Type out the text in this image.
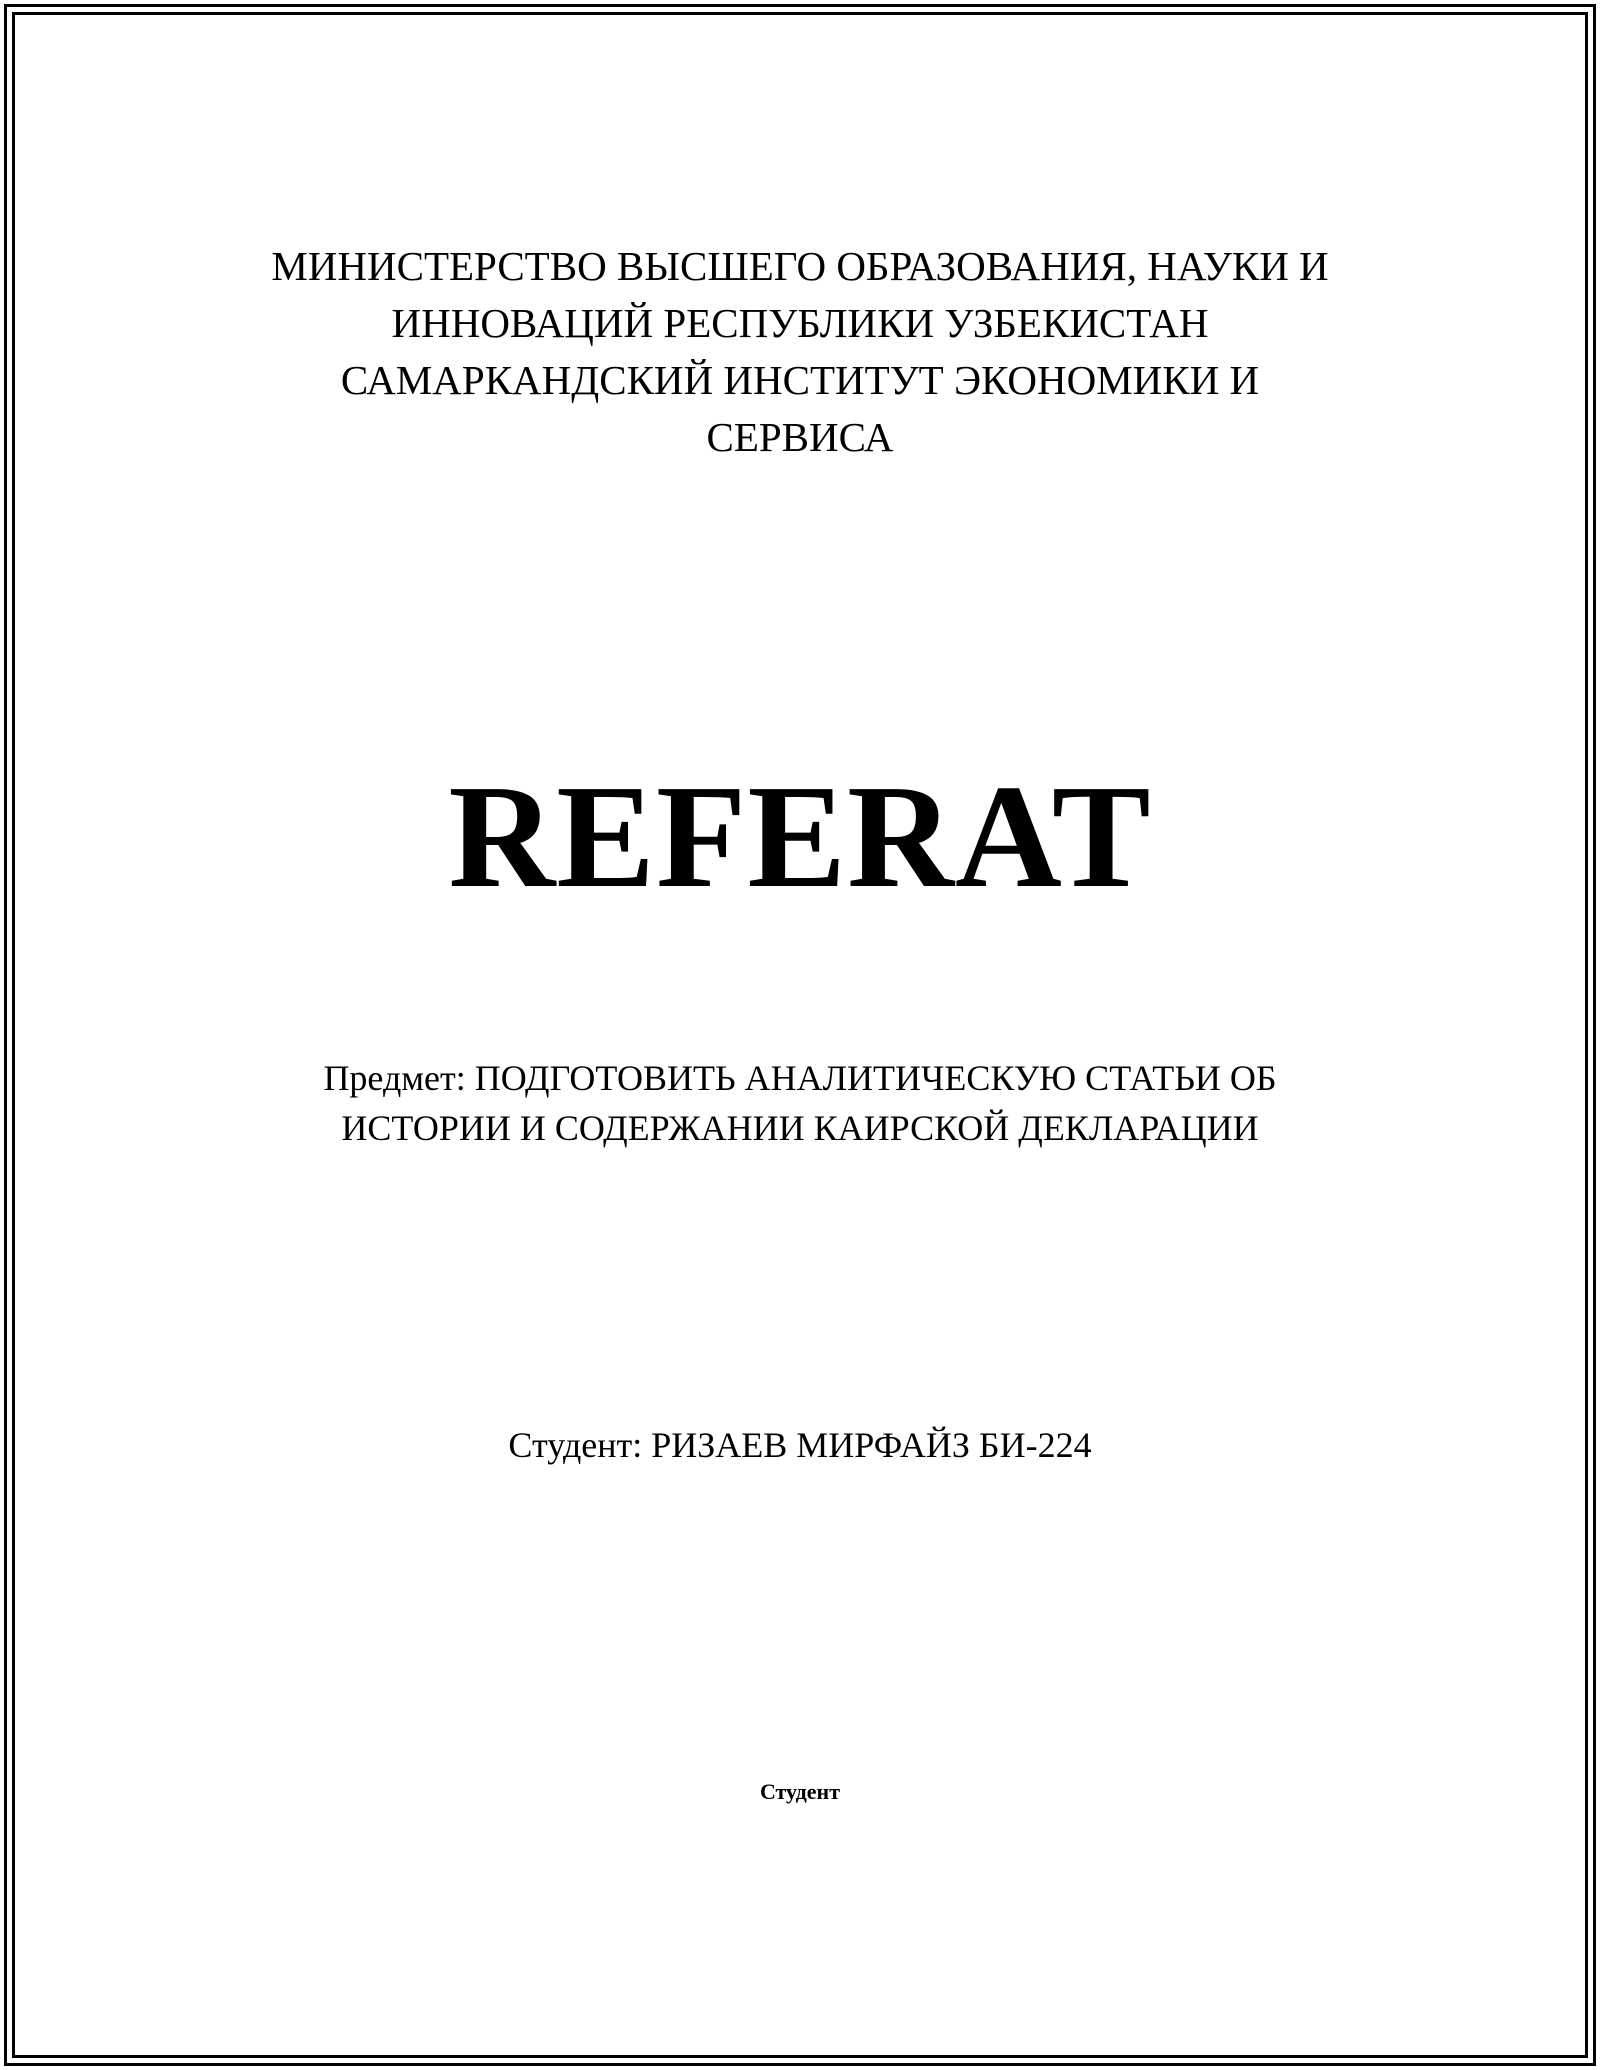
МИНИСТЕРСТВО ВЫСШЕГО ОБРАЗОВАНИЯ, НАУКИ И
ИННОВАЦИЙ РЕСПУБЛИКИ УЗБЕКИСТАН
САМАРКАНДСКИЙ ИНСТИТУТ ЭКОНОМИКИ И
СЕРВИСА
REFERAT
Предмет: ПОДГОТОВИТЬ АНАЛИТИЧЕСКУЮ СТАТЬИ ОБ
ИСТОРИИ И СОДЕРЖАНИИ КАИРСКОЙ ДЕКЛАРАЦИИ
Студент: РИЗАЕВ МИРФАЙЗ БИ-224
Студент
